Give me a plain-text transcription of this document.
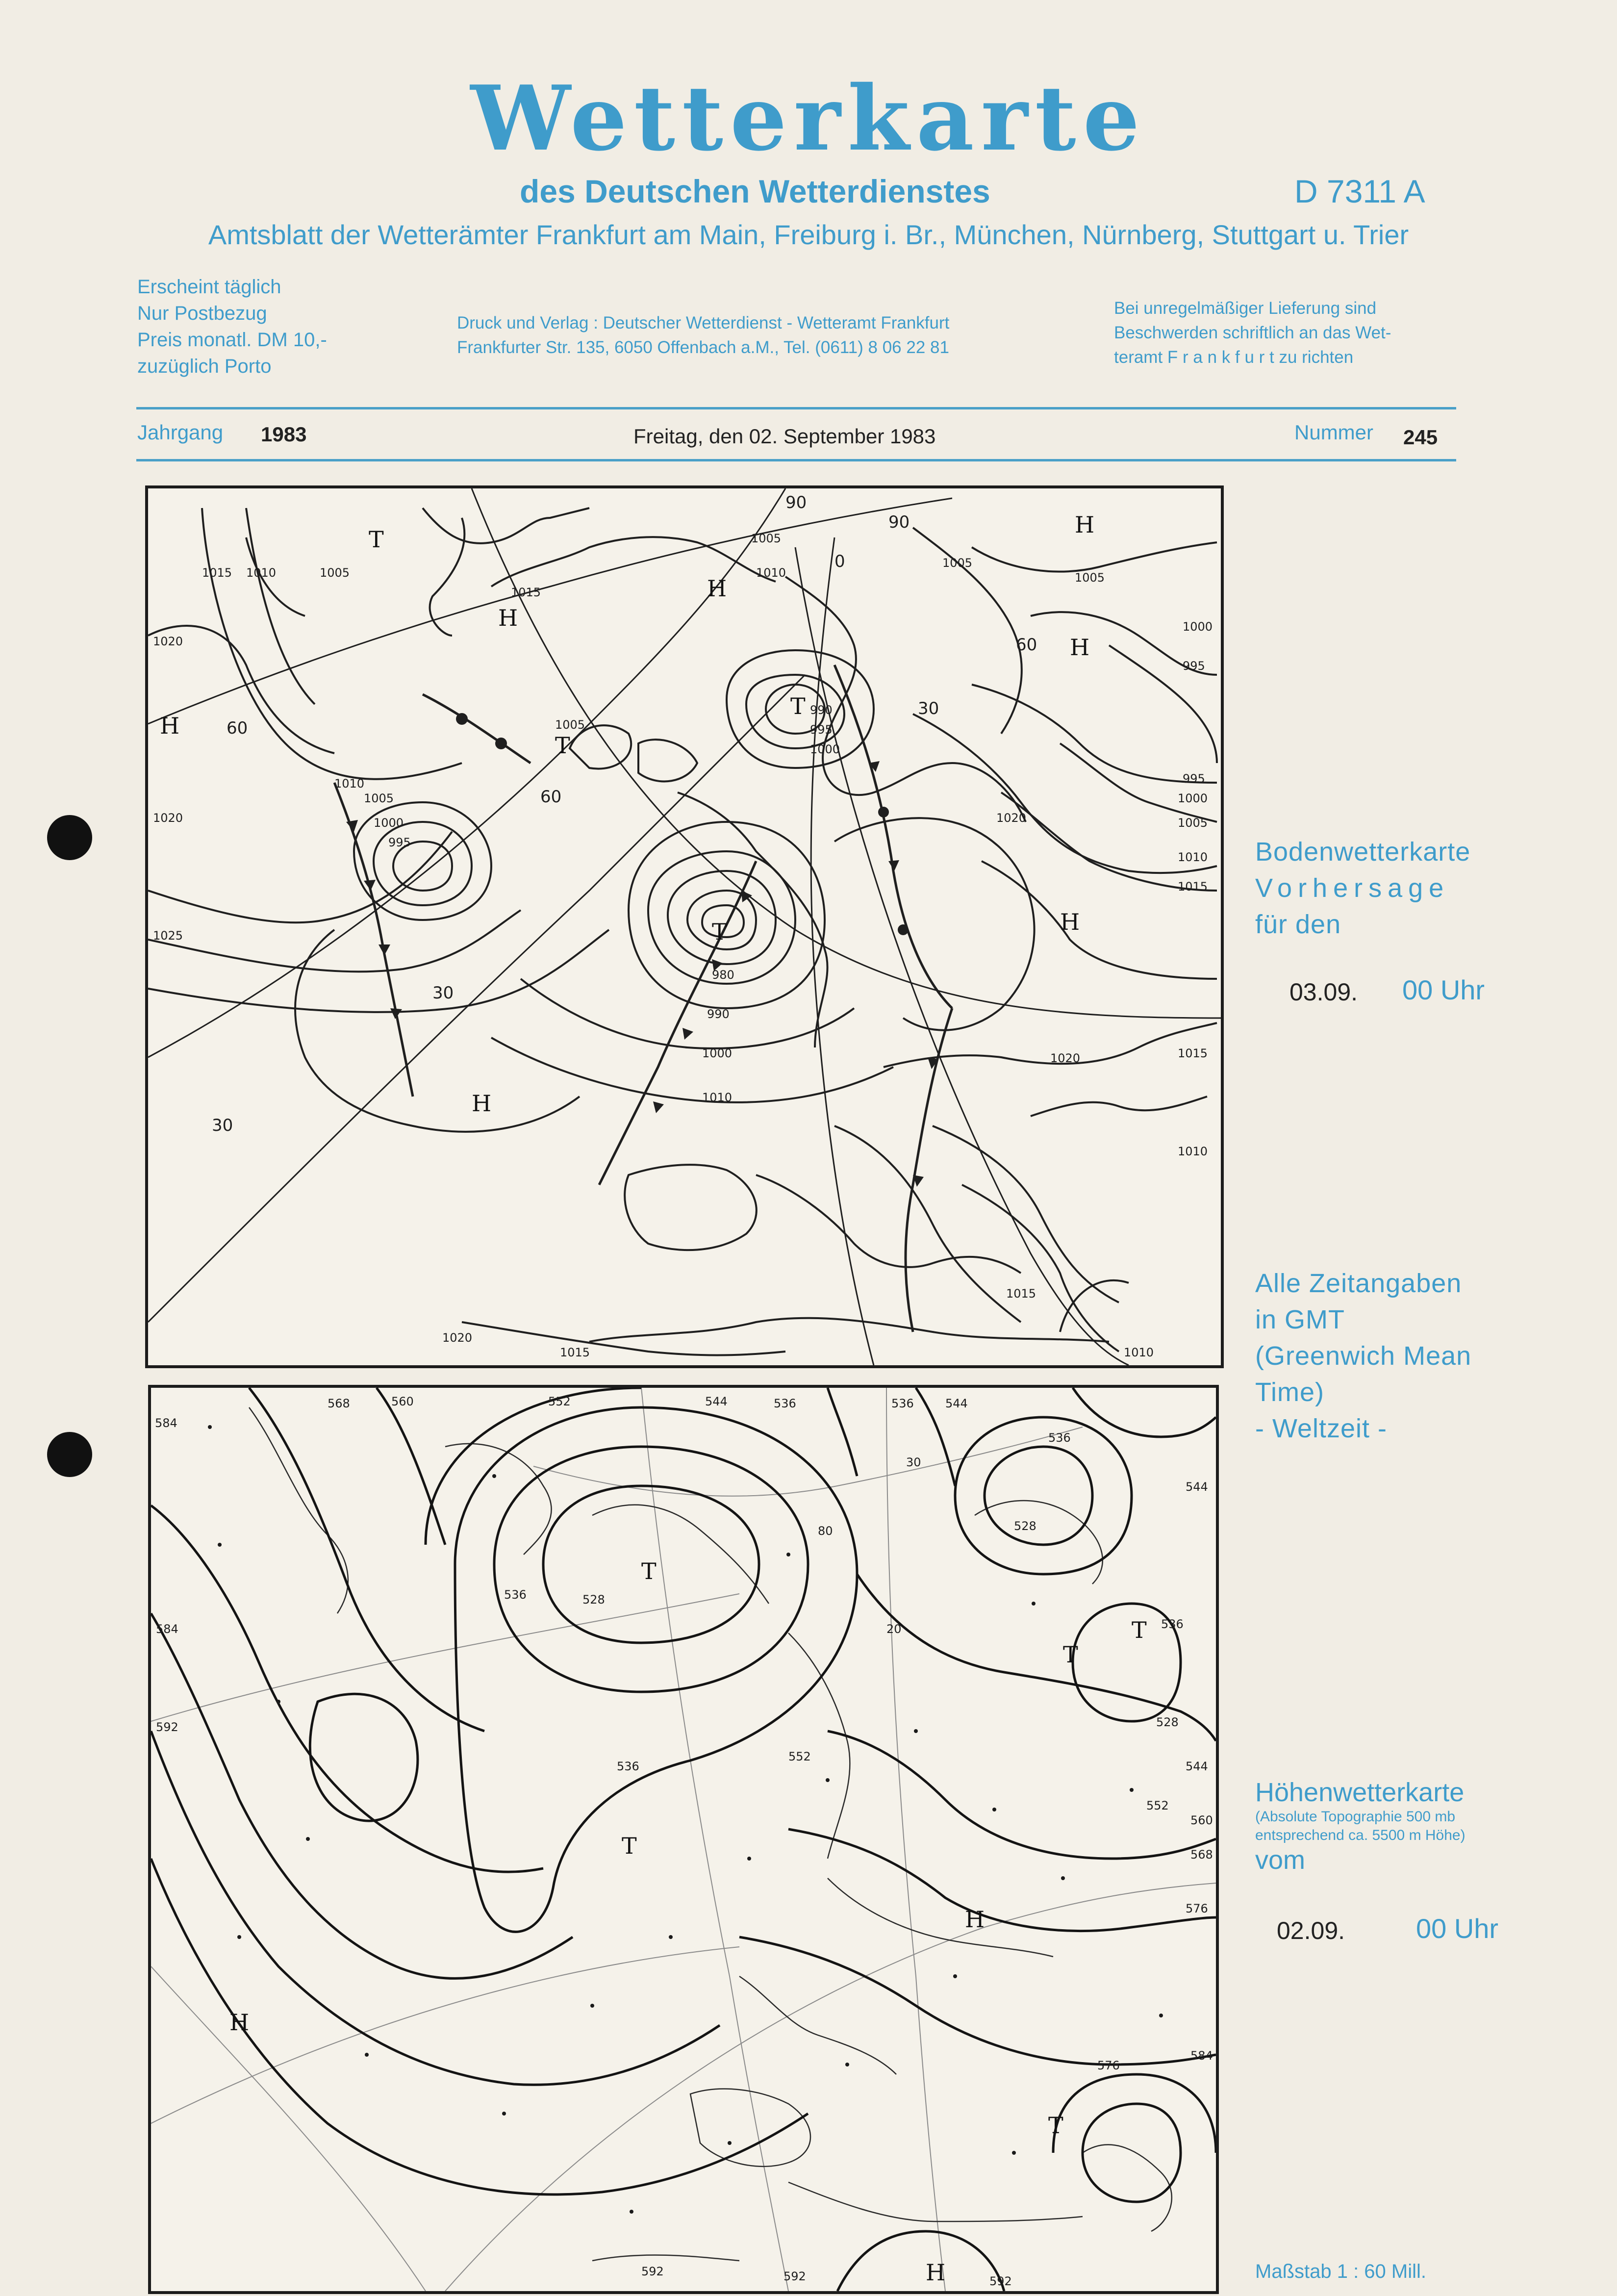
Wetterkarte
des Deutschen Wetterdienstes	D 7311 A
Amtsblatt der Wetterämter Frankfurt am Main, Freiburg i. Br., München, Nürnberg, Stuttgart u. Trier
Erscheint täglich
Nur Postbezug
Preis monatl. DM 10,-
zuzüglich Porto
Druck und Verlag : Deutscher Wetterdienst - Wetteramt Frankfurt
Frankfurter Str. 135, 6050 Offenbach a.M., Tel. (0611) 8 06 22 81
Bei unregelmäßiger Lieferung sind
Beschwerden schriftlich an das Wet-
teramt F r a n k f u r t zu richten
Jahrgang 1983	Freitag, den 02. September 1983	Nummer 245
1015 1010	1005
1015
1020
1005
1010
1005
1000
995
1020
1025
990
995
1000
980
990
1000
1010
1020
1005
1005
1000
995
995
1000
1005
1010
1015
1020	1015
1010
1015
1020
1015	1010
1005
1010
60
60
30
30
30
60
90
0
90
H
H
H
H
H
H
H
T
T
T
T
Bodenwetterkarte
Vorhersage
für den
03.09. 00 Uhr
Alle Zeitangaben
in GMT
(Greenwich Mean
Time)
- Weltzeit -
584
568	560	552	544	536	536	544
536	528
584
592
536
528
544
536
552
552
560
568
576
584
576
592	592
592
544
536
528
80
30
20
T
T
T
T
T
H
H
H
Höhenwetterkarte
(Absolute Topographie 500 mb
entsprechend ca. 5500 m Höhe)
vom
02.09.	00 Uhr
Maßstab 1 : 60 Mill.
